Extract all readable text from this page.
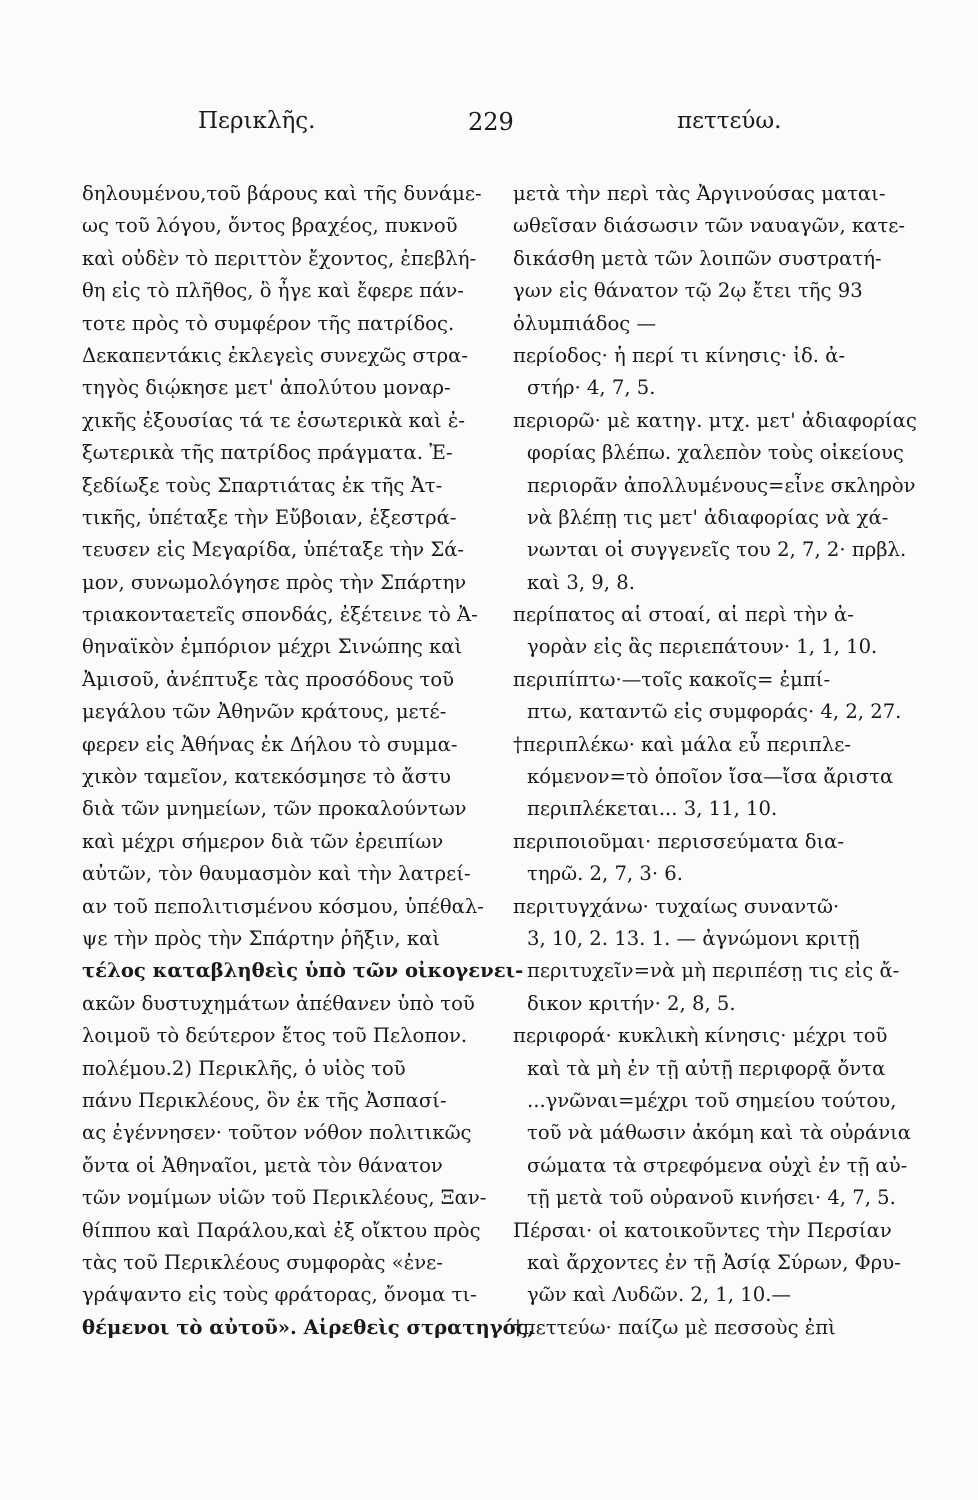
Περικλῆς.	229	πεττεύω.
δηλουμένου,τοῦ βάρους καὶ τῆς δυνάμε-
ως τοῦ λόγου, ὄντος βραχέος, πυκνοῦ
καὶ οὐδὲν τὸ περιττὸν ἔχοντος, ἐπεβλή-
θη εἰς τὸ πλῆθος, ὃ ἦγε καὶ ἔφερε πάν-
τοτε πρὸς τὸ συμφέρον τῆς πατρίδος.
Δεκαπεντάκις ἐκλεγεὶς συνεχῶς στρα-
τηγὸς διῴκησε μετ' ἀπολύτου μοναρ-
χικῆς ἐξουσίας τά τε ἐσωτερικὰ καὶ ἐ-
ξωτερικὰ τῆς πατρίδος πράγματα. Ἐ-
ξεδίωξε τοὺς Σπαρτιάτας ἐκ τῆς Ἀτ-
τικῆς, ὑπέταξε τὴν Εὔβοιαν, ἐξεστρά-
τευσεν εἰς Μεγαρίδα, ὑπέταξε τὴν Σά-
μον, συνωμολόγησε πρὸς τὴν Σπάρτην
τριακονταετεῖς σπονδάς, ἐξέτεινε τὸ Ἀ-
θηναϊκὸν ἐμπόριον μέχρι Σινώπης καὶ
Ἀμισοῦ, ἀνέπτυξε τὰς προσόδους τοῦ
μεγάλου τῶν Ἀθηνῶν κράτους, μετέ-
φερεν εἰς Ἀθήνας ἐκ Δήλου τὸ συμμα-
χικὸν ταμεῖον, κατεκόσμησε τὸ ἄστυ
διὰ τῶν μνημείων, τῶν προκαλούντων
καὶ μέχρι σήμερον διὰ τῶν ἐρειπίων
αὐτῶν, τὸν θαυμασμὸν καὶ τὴν λατρεί-
αν τοῦ πεπολιτισμένου κόσμου, ὑπέθαλ-
ψε τὴν πρὸς τὴν Σπάρτην ῥῆξιν, καὶ
τέλος καταβληθεὶς ὑπὸ τῶν οἰκογενει-
ακῶν δυστυχημάτων ἀπέθανεν ὑπὸ τοῦ
λοιμοῦ τὸ δεύτερον ἔτος τοῦ Πελοπον.
πολέμου.2) Περικλῆς, ὁ υἱὸς τοῦ
πάνυ Περικλέους, ὃν ἐκ τῆς Ἀσπασί-
ας ἐγέννησεν· τοῦτον νόθον πολιτικῶς
ὄντα οἱ Ἀθηναῖοι, μετὰ τὸν θάνατον
τῶν νομίμων υἱῶν τοῦ Περικλέους, Ξαν-
θίππου καὶ Παράλου,καὶ ἐξ οἴκτου πρὸς
τὰς τοῦ Περικλέους συμφορὰς «ἐνε-
γράψαντο εἰς τοὺς φράτορας, ὄνομα τι-
θέμενοι τὸ αὐτοῦ». Αἱρεθεὶς στρατηγός,
μετὰ τὴν περὶ τὰς Ἀργινούσας μαται-
ωθεῖσαν διάσωσιν τῶν ναυαγῶν, κατε-
δικάσθη μετὰ τῶν λοιπῶν συστρατή-
γων εἰς θάνατον τῷ 2ῳ ἔτει τῆς 93
ὀλυμπιάδος —
περίοδος· ἡ περί τι κίνησις· ἰδ. ἀ-
στήρ· 4, 7, 5.
περιορῶ· μὲ κατηγ. μτχ. μετ' ἀδιαφορίας
φορίας βλέπω. χαλεπὸν τοὺς οἰκείους
περιορᾶν ἀπολλυμένους=εἶνε σκληρὸν
νὰ βλέπῃ τις μετ' ἀδιαφορίας νὰ χά-
νωνται οἱ συγγενεῖς του 2, 7, 2· πρβλ.
καὶ 3, 9, 8.
περίπατος αἱ στοαί, αἱ περὶ τὴν ἀ-
γορὰν εἰς ἃς περιεπάτουν· 1, 1, 10.
περιπίπτω·—τοῖς κακοῖς= ἐμπί-
πτω, καταντῶ εἰς συμφοράς· 4, 2, 27.
†περιπλέκω· καὶ μάλα εὖ περιπλε-
κόμενον=τὸ ὁποῖον ἴσα—ἴσα ἄριστα
περιπλέκεται... 3, 11, 10.
περιποιοῦμαι· περισσεύματα δια-
τηρῶ. 2, 7, 3· 6.
περιτυγχάνω· τυχαίως συναντῶ·
3, 10, 2. 13. 1. — ἀγνώμονι κριτῇ
περιτυχεῖν=νὰ μὴ περιπέσῃ τις εἰς ἄ-
δικον κριτήν· 2, 8, 5.
περιφορά· κυκλικὴ κίνησις· μέχρι τοῦ
καὶ τὰ μὴ ἐν τῇ αὐτῇ περιφορᾷ ὄντα
...γνῶναι=μέχρι τοῦ σημείου τούτου,
τοῦ νὰ μάθωσιν ἀκόμη καὶ τὰ οὐράνια
σώματα τὰ στρεφόμενα οὐχὶ ἐν τῇ αὐ-
τῇ μετὰ τοῦ οὐρανοῦ κινήσει· 4, 7, 5.
Πέρσαι· οἱ κατοικοῦντες τὴν Περσίαν
καὶ ἄρχοντες ἐν τῇ Ἀσίᾳ Σύρων, Φρυ-
γῶν καὶ Λυδῶν. 2, 1, 10.—
†πεττεύω· παίζω μὲ πεσσοὺς ἐπὶ
